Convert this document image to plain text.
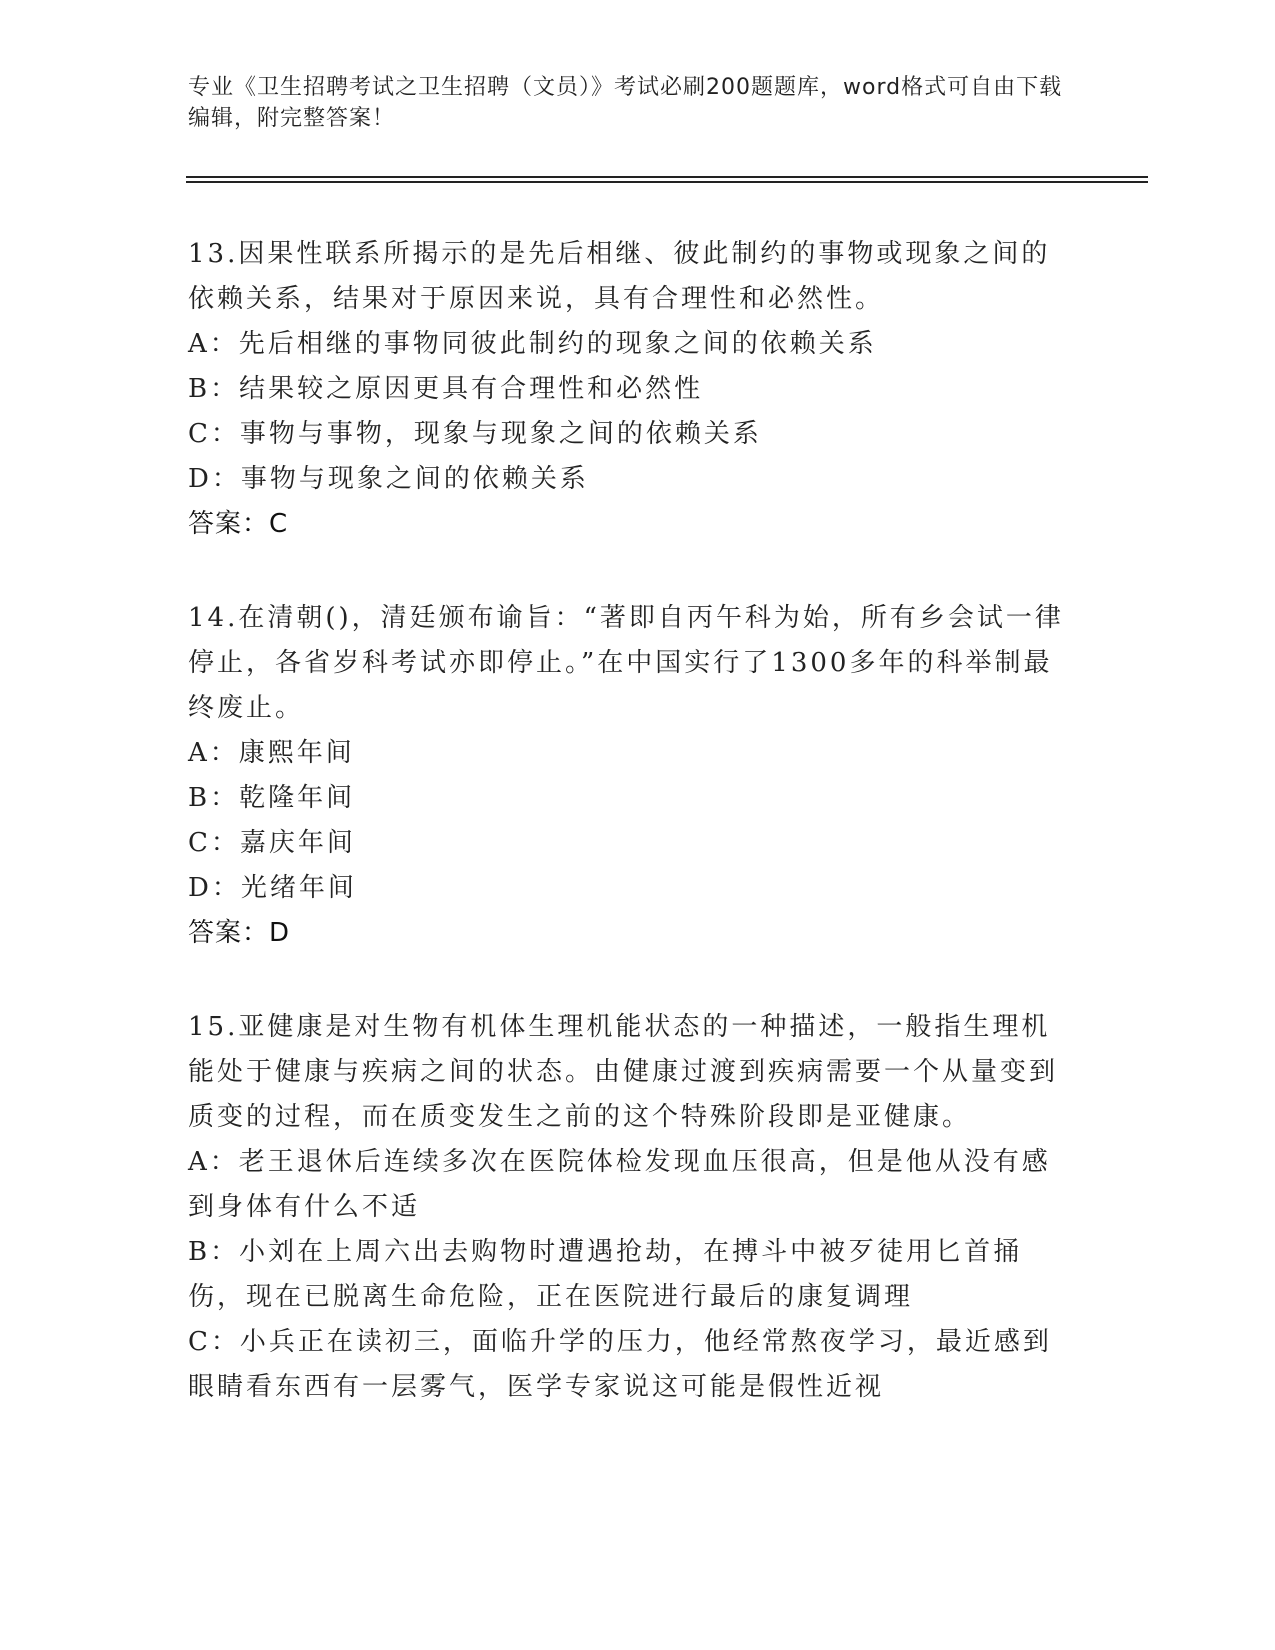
专业《卫生招聘考试之卫生招聘（文员）》考试必刷200题题库，word格式可自由下载编辑，附完整答案！

13.因果性联系所揭示的是先后相继、彼此制约的事物或现象之间的依赖关系，结果对于原因来说，具有合理性和必然性。

A：先后相继的事物同彼此制约的现象之间的依赖关系

B：结果较之原因更具有合理性和必然性

C：事物与事物，现象与现象之间的依赖关系

D：事物与现象之间的依赖关系

答案：C

14.在清朝()，清廷颁布谕旨：“著即自丙午科为始，所有乡会试一律停止，各省岁科考试亦即停止。”在中国实行了1300多年的科举制最终废止。

A：康熙年间

B：乾隆年间

C：嘉庆年间

D：光绪年间

答案：D

15.亚健康是对生物有机体生理机能状态的一种描述，一般指生理机能处于健康与疾病之间的状态。由健康过渡到疾病需要一个从量变到质变的过程，而在质变发生之前的这个特殊阶段即是亚健康。

A：老王退休后连续多次在医院体检发现血压很高，但是他从没有感到身体有什么不适

B：小刘在上周六出去购物时遭遇抢劫，在搏斗中被歹徒用匕首捅伤，现在已脱离生命危险，正在医院进行最后的康复调理

C：小兵正在读初三，面临升学的压力，他经常熬夜学习，最近感到眼睛看东西有一层雾气，医学专家说这可能是假性近视
